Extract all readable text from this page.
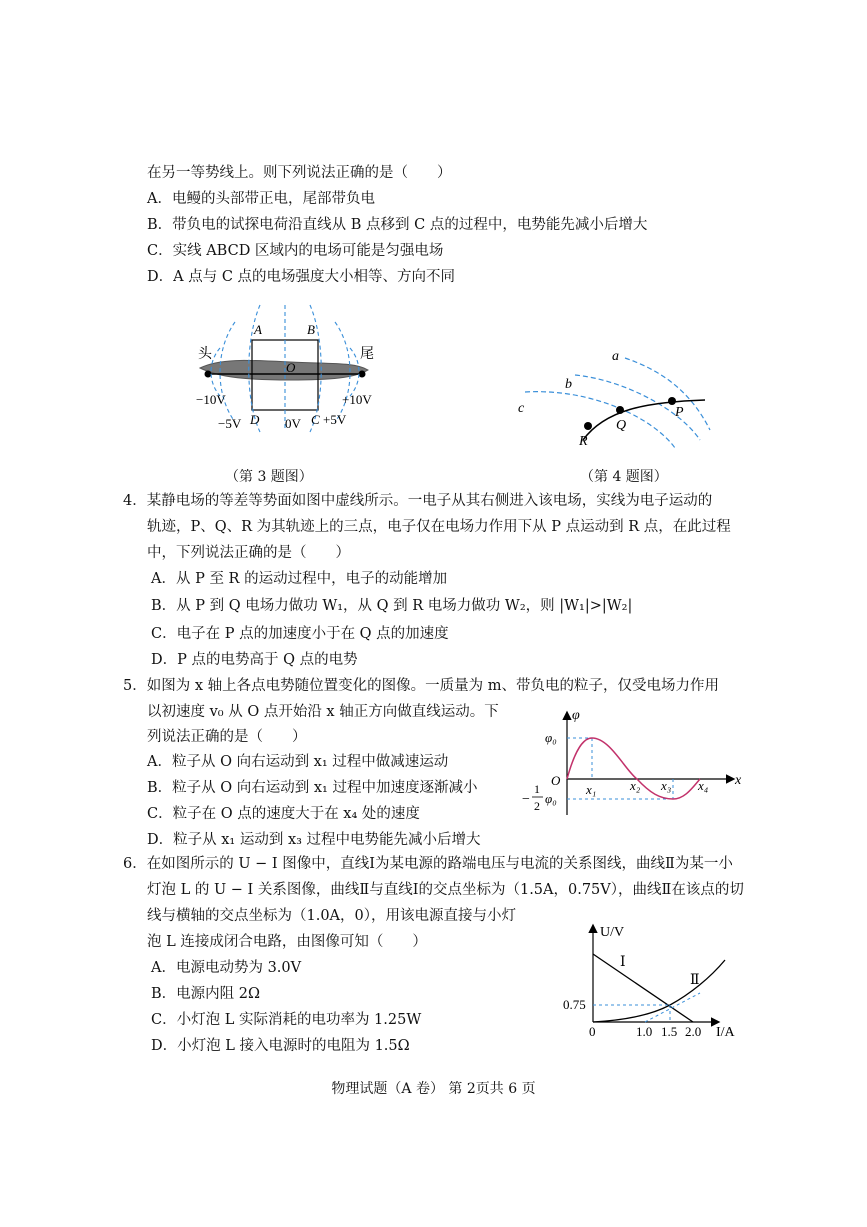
在另一等势线上。则下列说法正确的是（　　）
A．电鳗的头部带正电，尾部带负电
B．带负电的试探电荷沿直线从 B 点移到 C 点的过程中，电势能先减小后增大
C．实线 ABCD 区域内的电场可能是匀强电场
D．A 点与 C 点的电场强度大小相等、方向不同
A	B
C
D
O
头	尾
−10V
−5V	0V +5V
+10V
（第 3 题图）
a
b
c	P
Q
R
（第 4 题图）
4．某静电场的等差等势面如图中虚线所示。一电子从其右侧进入该电场，实线为电子运动的
轨迹，P、Q、R 为其轨迹上的三点，电子仅在电场力作用下从 P 点运动到 R 点，在此过程
中，下列说法正确的是（　　）
A．从 P 至 R 的运动过程中，电子的动能增加
B．从 P 到 Q 电场力做功 W₁，从 Q 到 R 电场力做功 W₂，则 |W₁|>|W₂|
C．电子在 P 点的加速度小于在 Q 点的加速度
D．P 点的电势高于 Q 点的电势
5．如图为 x 轴上各点电势随位置变化的图像。一质量为 m、带负电的粒子，仅受电场力作用
以初速度 v₀ 从 O 点开始沿 x 轴正方向做直线运动。下
列说法正确的是（　　）
A．粒子从 O 向右运动到 x₁ 过程中做减速运动
B．粒子从 O 向右运动到 x₁ 过程中加速度逐渐减小
C．粒子在 O 点的速度大于在 x₄ 处的速度
D．粒子从 x₁ 运动到 x₃ 过程中电势能先减小后增大
φ
x
φ₀
O
−
1
2 φ₀
x₁	x₂ x₃ x₄
6．在如图所示的 U − I 图像中，直线Ⅰ为某电源的路端电压与电流的关系图线，曲线Ⅱ为某一小
灯泡 L 的 U − I 关系图像，曲线Ⅱ与直线Ⅰ的交点坐标为（1.5A，0.75V），曲线Ⅱ在该点的切
线与横轴的交点坐标为（1.0A，0），用该电源直接与小灯
泡 L 连接成闭合电路，由图像可知（　　）
A．电源电动势为 3.0V
B．电源内阻 2Ω
C．小灯泡 L 实际消耗的电功率为 1.25W
D．小灯泡 L 接入电源时的电阻为 1.5Ω
U/V
I/A
Ⅰ
Ⅱ
0.75
0	1.0 1.5 2.0
物理试题（A 卷） 第 2页共 6 页
